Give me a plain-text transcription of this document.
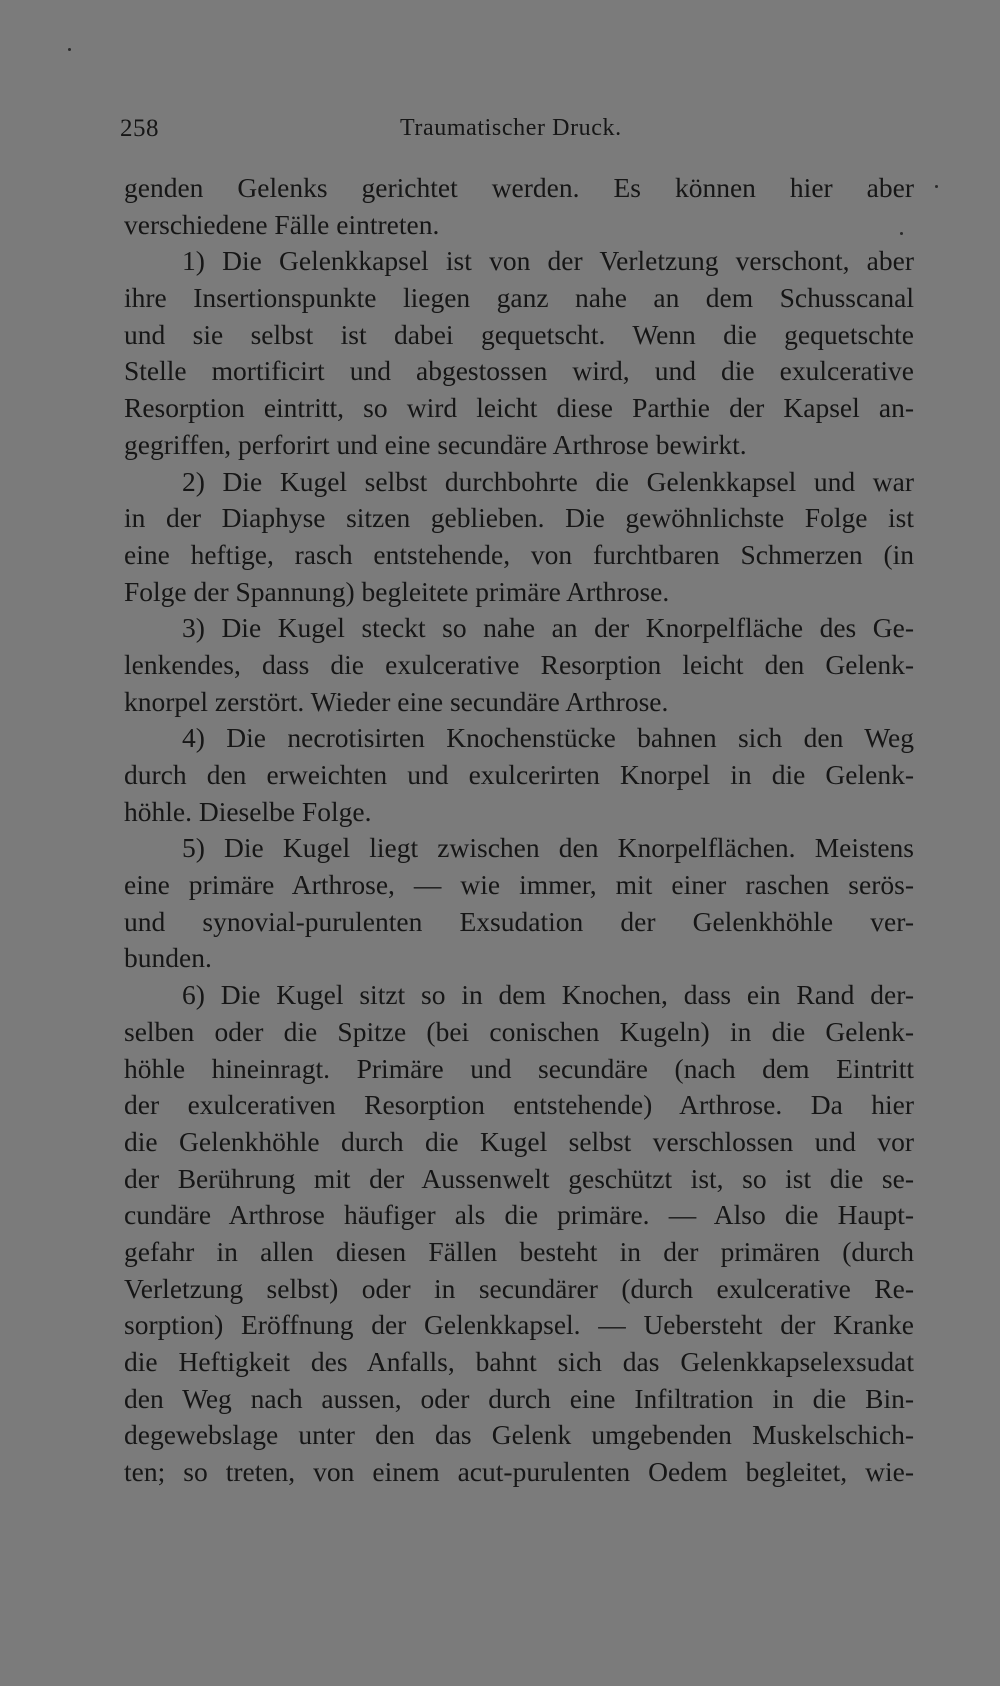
258	Traumatischer Druck.
genden Gelenks gerichtet werden. Es können hier aber
verschiedene Fälle eintreten.
1) Die Gelenkkapsel ist von der Verletzung verschont, aber
ihre Insertionspunkte liegen ganz nahe an dem Schusscanal
und sie selbst ist dabei gequetscht. Wenn die gequetschte
Stelle mortificirt und abgestossen wird, und die exulcerative
Resorption eintritt, so wird leicht diese Parthie der Kapsel an-
gegriffen, perforirt und eine secundäre Arthrose bewirkt.
2) Die Kugel selbst durchbohrte die Gelenkkapsel und war
in der Diaphyse sitzen geblieben. Die gewöhnlichste Folge ist
eine heftige, rasch entstehende, von furchtbaren Schmerzen (in
Folge der Spannung) begleitete primäre Arthrose.
3) Die Kugel steckt so nahe an der Knorpelfläche des Ge-
lenkendes, dass die exulcerative Resorption leicht den Gelenk-
knorpel zerstört. Wieder eine secundäre Arthrose.
4) Die necrotisirten Knochenstücke bahnen sich den Weg
durch den erweichten und exulcerirten Knorpel in die Gelenk-
höhle. Dieselbe Folge.
5) Die Kugel liegt zwischen den Knorpelflächen. Meistens
eine primäre Arthrose, — wie immer, mit einer raschen serös-
und synovial-purulenten Exsudation der Gelenkhöhle ver-
bunden.
6) Die Kugel sitzt so in dem Knochen, dass ein Rand der-
selben oder die Spitze (bei conischen Kugeln) in die Gelenk-
höhle hineinragt. Primäre und secundäre (nach dem Eintritt
der exulcerativen Resorption entstehende) Arthrose. Da hier
die Gelenkhöhle durch die Kugel selbst verschlossen und vor
der Berührung mit der Aussenwelt geschützt ist, so ist die se-
cundäre Arthrose häufiger als die primäre. — Also die Haupt-
gefahr in allen diesen Fällen besteht in der primären (durch
Verletzung selbst) oder in secundärer (durch exulcerative Re-
sorption) Eröffnung der Gelenkkapsel. — Uebersteht der Kranke
die Heftigkeit des Anfalls, bahnt sich das Gelenkkapselexsudat
den Weg nach aussen, oder durch eine Infiltration in die Bin-
degewebslage unter den das Gelenk umgebenden Muskelschich-
ten; so treten, von einem acut-purulenten Oedem begleitet, wie-
